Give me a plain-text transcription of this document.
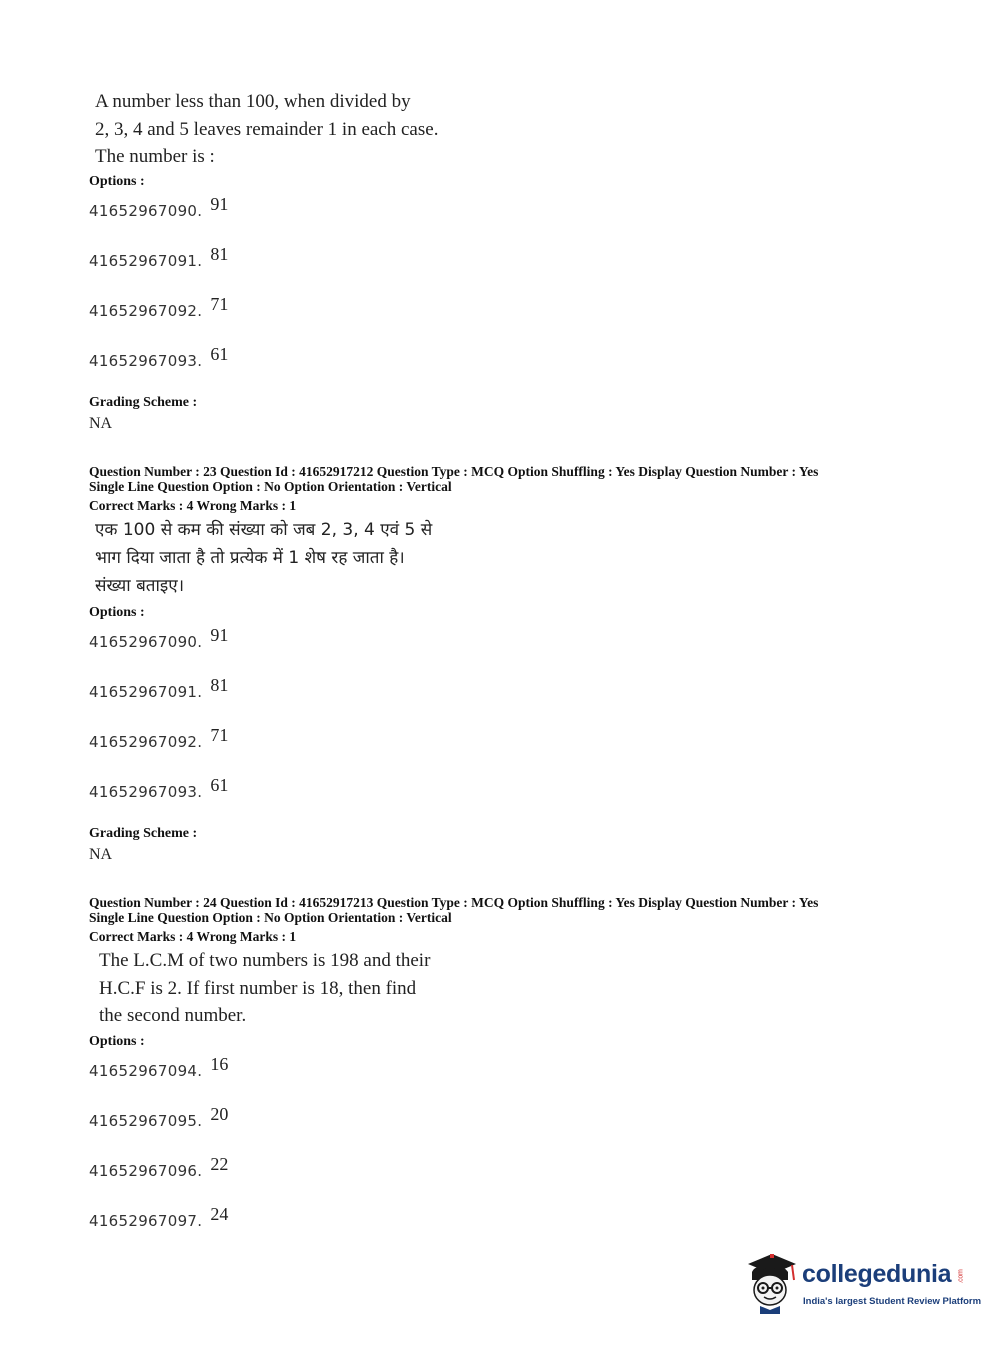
A number less than 100, when divided by
2, 3, 4 and 5 leaves remainder 1 in each case.
The number is :
Options :
41652967090. 91
41652967091. 81
41652967092. 71
41652967093. 61
Grading Scheme :
NA
Question Number : 23 Question Id : 41652917212 Question Type : MCQ Option Shuffling : Yes Display Question Number : Yes
Single Line Question Option : No Option Orientation : Vertical
Correct Marks : 4 Wrong Marks : 1
एक 100 से कम की संख्या को जब 2, 3, 4 एवं 5 से
भाग दिया जाता है तो प्रत्येक में 1 शेष रह जाता है।
संख्या बताइए।
Options :
41652967090. 91
41652967091. 81
41652967092. 71
41652967093. 61
Grading Scheme :
NA
Question Number : 24 Question Id : 41652917213 Question Type : MCQ Option Shuffling : Yes Display Question Number : Yes
Single Line Question Option : No Option Orientation : Vertical
Correct Marks : 4 Wrong Marks : 1
The L.C.M of two numbers is 198 and their
H.C.F is 2. If first number is 18, then find
the second number.
Options :
41652967094. 16
41652967095. 20
41652967096. 22
41652967097. 24
collegedunia .com
India's largest Student Review Platform
